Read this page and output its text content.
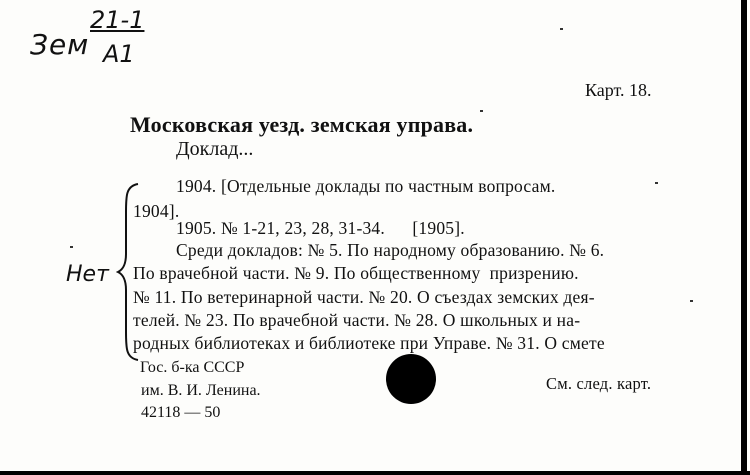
Зем
21-1
А1
Нет
Карт. 18.
Московская уезд. земская управа.
Доклад...
1904. [Отдельные доклады по частным вопросам.
1904].
1905. № 1-21, 23, 28, 31-34.      [1905].
Среди докладов: № 5. По народному образованию. № 6.
По врачебной части. № 9. По общественному  призрению.
№ 11. По ветеринарной части. № 20. О съездах земских дея-
телей. № 23. По врачебной части. № 28. О школьных и на-
родных библиотеках и библиотеке при Управе. № 31. О смете
Гос. б-ка СССР
им. В. И. Ленина.
42118 — 50
См. след. карт.
